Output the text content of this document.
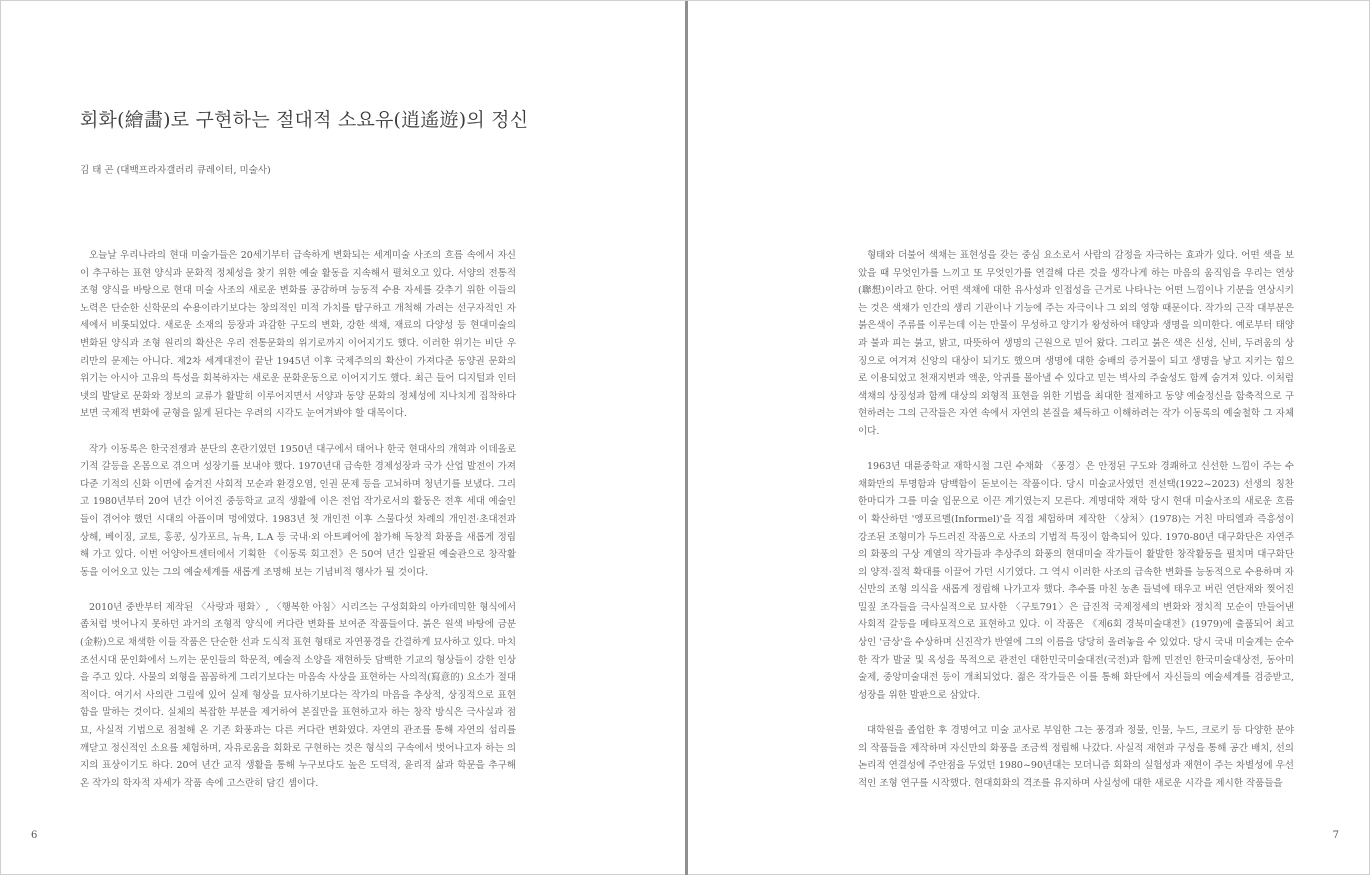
회화(繪畵)로 구현하는 절대적 소요유(逍遙遊)의 정신

김 태 곤 (대백프라자갤러리 큐레이터, 미술사)

오늘날 우리나라의 현대 미술가들은 20세기부터 급속하게 변화되는 세계미술 사조의 흐름 속에서 자신이 추구하는 표현 양식과 문화적 정체성을 찾기 위한 예술 활동을 지속해서 펼쳐오고 있다. 서양의 전통적 조형 양식을 바탕으로 현대 미술 사조의 새로운 변화를 공감하며 능동적 수용 자세를 갖추기 위한 이들의 노력은 단순한 신학문의 수용이라기보다는 창의적인 미적 가치를 탐구하고 개척해 가려는 선구자적인 자세에서 비롯되었다. 새로운 소재의 등장과 과감한 구도의 변화, 강한 색채, 재료의 다양성 등 현대미술의 변화된 양식과 조형 원리의 확산은 우리 전통문화의 위기로까지 이어지기도 했다. 이러한 위기는 비단 우리만의 문제는 아니다. 제2차 세계대전이 끝난 1945년 이후 국제주의의 확산이 가져다준 동양권 문화의 위기는 아시아 고유의 특성을 회복하자는 새로운 문화운동으로 이어지기도 했다. 최근 들어 디지털과 인터넷의 발달로 문화와 정보의 교류가 활발히 이루어지면서 서양과 동양 문화의 정체성에 지나치게 집착하다 보면 국제적 변화에 균형을 잃게 된다는 우려의 시각도 눈여겨봐야 할 대목이다.

작가 이동록은 한국전쟁과 분단의 혼란기였던 1950년 대구에서 태어나 한국 현대사의 개혁과 이데올로기적 갈등을 온몸으로 겪으며 성장기를 보내야 했다. 1970년대 급속한 경제성장과 국가 산업 발전이 가져다준 기적의 신화 이면에 숨겨진 사회적 모순과 환경오염, 인권 문제 등을 고뇌하며 청년기를 보냈다. 그리고 1980년부터 20여 년간 이어진 중등학교 교직 생활에 이은 전업 작가로서의 활동은 전후 세대 예술인들이 겪어야 했던 시대의 아픔이며 멍에였다. 1983년 첫 개인전 이후 스물다섯 차례의 개인전·초대전과 상해, 베이징, 교토, 홍콩, 싱가포르, 뉴욕, L.A 등 국내·외 아트페어에 참가해 독창적 화풍을 새롭게 정립해 가고 있다. 이번 어양아트센터에서 기획한 《이동록 회고전》은 50여 년간 일괄된 예술관으로 창작활동을 이어오고 있는 그의 예술세계를 새롭게 조명해 보는 기념비적 행사가 될 것이다.

2010년 중반부터 제작된 〈사랑과 평화〉, 〈행복한 아침〉시리즈는 구성회화의 아카데믹한 형식에서 좀처럼 벗어나지 못하던 과거의 조형적 양식에 커다란 변화를 보여준 작품들이다. 붉은 원색 바탕에 금분(金粉)으로 채색한 이들 작품은 단순한 선과 도식적 표현 형태로 자연풍경을 간결하게 묘사하고 있다. 마치 조선시대 문인화에서 느끼는 문인들의 학문적, 예술적 소양을 재현하듯 담백한 기교의 형상들이 강한 인상을 주고 있다. 사물의 외형을 꼼꼼하게 그리기보다는 마음속 사상을 표현하는 사의적(寫意的) 요소가 절대적이다. 여기서 사의란 그림에 있어 실제 형상을 묘사하기보다는 작가의 마음을 추상적, 상징적으로 표현함을 말하는 것이다. 실체의 복잡한 부분을 제거하여 본질만을 표현하고자 하는 창작 방식은 극사실과 점묘, 사실적 기법으로 점철해 온 기존 화풍과는 다른 커다란 변화였다. 자연의 관조를 통해 자연의 섭리를 깨닫고 정신적인 소요를 체험하며, 자유로움을 회화로 구현하는 것은 형식의 구속에서 벗어나고자 하는 의지의 표상이기도 하다. 20여 년간 교직 생활을 통해 누구보다도 높은 도덕적, 윤리적 삶과 학문을 추구해 온 작가의 학자적 자세가 작품 속에 고스란히 담긴 셈이다.

6

형태와 더불어 색채는 표현성을 갖는 중심 요소로서 사람의 감정을 자극하는 효과가 있다. 어떤 색을 보았을 때 무엇인가를 느끼고 또 무엇인가를 연결해 다른 것을 생각나게 하는 마음의 움직임을 우리는 연상(聯想)이라고 한다. 어떤 색채에 대한 유사성과 인접성을 근거로 나타나는 어떤 느낌이나 기분을 연상시키는 것은 색채가 인간의 생리 기관이나 기능에 주는 자극이나 그 외의 영향 때문이다. 작가의 근작 대부분은 붉은색이 주류를 이루는데 이는 만물이 무성하고 양기가 왕성하여 태양과 생명을 의미한다. 예로부터 태양과 불과 피는 붉고, 밝고, 따뜻하여 생명의 근원으로 믿어 왔다. 그리고 붉은 색은 신성, 신비, 두려움의 상징으로 여겨져 신앙의 대상이 되기도 했으며 생명에 대한 숭배의 증거물이 되고 생명을 낳고 지키는 힘으로 이용되었고 천재지변과 액운, 악귀를 몰아낼 수 있다고 믿는 벽사의 주술성도 함께 숨겨져 있다. 이처럼 색채의 상징성과 함께 대상의 외형적 표현을 위한 기법을 최대한 절제하고 동양 예술정신을 함축적으로 구현하려는 그의 근작들은 자연 속에서 자연의 본질을 체득하고 이해하려는 작가 이동록의 예술철학 그 자체이다.

1963년 대륜중학교 재학시절 그린 수채화 〈풍경〉은 안정된 구도와 경쾌하고 신선한 느낌이 주는 수채화만의 투명함과 담백함이 돋보이는 작품이다. 당시 미술교사였던 전선택(1922~2023) 선생의 칭찬 한마디가 그를 미술 입문으로 이끈 계기였는지 모른다. 계명대학 재학 당시 현대 미술사조의 새로운 흐름이 확산하던 '앵포르멜(Informel)'을 직접 체험하며 제작한 〈상처〉(1978)는 거친 마티엘과 즉흥성이 강조된 조형미가 두드러진 작품으로 사조의 기법적 특징이 함축되어 있다. 1970-80년 대구화단은 자연주의 화풍의 구상 계열의 작가들과 추상주의 화풍의 현대미술 작가들이 활발한 창작활동을 펼치며 대구화단의 양적·질적 확대를 이끌어 가던 시기였다. 그 역시 이러한 사조의 급속한 변화를 능동적으로 수용하며 자신만의 조형 의식을 새롭게 정립해 나가고자 했다. 추수를 마친 농촌 들녘에 태우고 버린 연탄재와 찢어진 밀짚 조각들을 극사실적으로 묘사한 〈구토791〉은 급진적 국제정세의 변화와 정치적 모순이 만들어낸 사회적 갈등을 메타포적으로 표현하고 있다. 이 작품은 《제6회 경북미술대전》(1979)에 출품되어 최고상인 '금상'을 수상하며 신진작가 반열에 그의 이름을 당당히 올려놓을 수 있었다. 당시 국내 미술계는 순수한 작가 발굴 및 육성을 목적으로 관전인 대한민국미술대전(국전)과 함께 민전인 한국미술대상전, 동아미술제, 중앙미술대전 등이 개최되었다. 젊은 작가들은 이를 통해 화단에서 자신들의 예술세계를 검증받고, 성장을 위한 발판으로 삼았다.

대학원을 졸업한 후 경명여고 미술 교사로 부임한 그는 풍경과 정물, 인물, 누드, 크로키 등 다양한 분야의 작품들을 제작하며 자신만의 화풍을 조금씩 정립해 나갔다. 사실적 재현과 구성을 통해 공간 배치, 선의 논리적 연결성에 주안점을 두었던 1980~90년대는 모더니즘 회화의 실험성과 재현이 주는 차별성에 우선적인 조형 연구를 시작했다. 현대회화의 격조를 유지하며 사실성에 대한 새로운 시각을 제시한 작품들을

7
